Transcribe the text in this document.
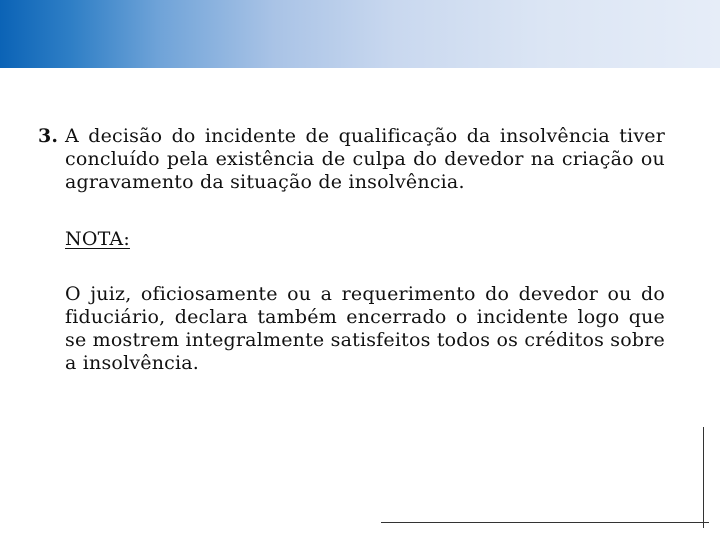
3. A decisão do incidente de qualificação da insolvência tiver concluído pela existência de culpa do devedor na criação ou agravamento da situação de insolvência.

NOTA:

O juiz, oficiosamente ou a requerimento do devedor ou do fiduciário, declara também encerrado o incidente logo que se mostrem integralmente satisfeitos todos os créditos sobre a insolvência.
